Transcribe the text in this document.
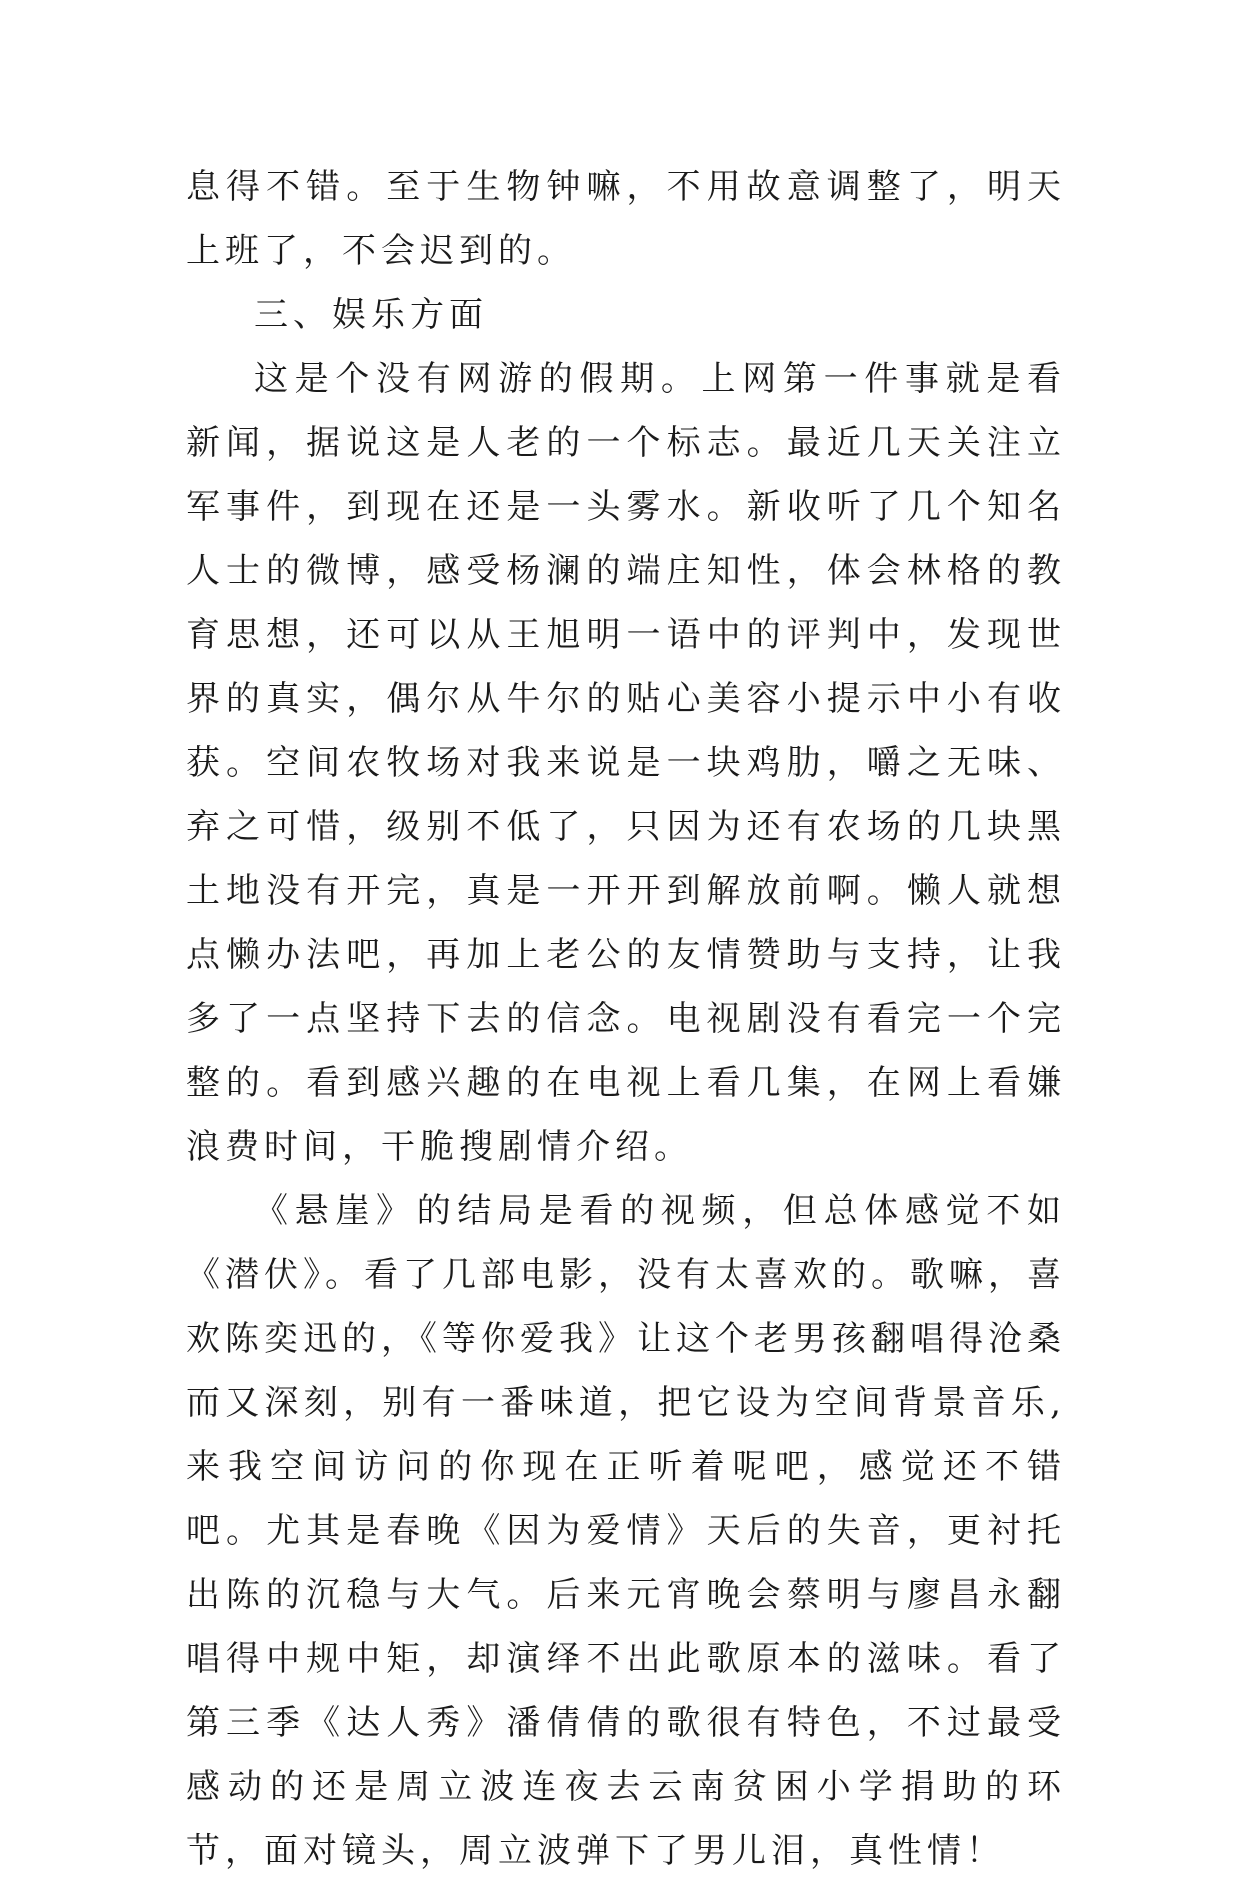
息得不错。至于生物钟嘛，不用故意调整了，明天上班了，不会迟到的。

三、娱乐方面

这是个没有网游的假期。上网第一件事就是看新闻，据说这是人老的一个标志。最近几天关注立军事件，到现在还是一头雾水。新收听了几个知名人士的微博，感受杨澜的端庄知性，体会林格的教育思想，还可以从王旭明一语中的评判中，发现世界的真实，偶尔从牛尔的贴心美容小提示中小有收获。空间农牧场对我来说是一块鸡肋，嚼之无味、弃之可惜，级别不低了，只因为还有农场的几块黑土地没有开完，真是一开开到解放前啊。懒人就想点懒办法吧，再加上老公的友情赞助与支持，让我多了一点坚持下去的信念。电视剧没有看完一个完整的。看到感兴趣的在电视上看几集，在网上看嫌浪费时间，干脆搜剧情介绍。

《悬崖》的结局是看的视频，但总体感觉不如《潜伏》。看了几部电影，没有太喜欢的。歌嘛，喜欢陈奕迅的，《等你爱我》让这个老男孩翻唱得沧桑而又深刻，别有一番味道，把它设为空间背景音乐,来我空间访问的你现在正听着呢吧，感觉还不错吧。尤其是春晚《因为爱情》天后的失音，更衬托出陈的沉稳与大气。后来元宵晚会蔡明与廖昌永翻唱得中规中矩，却演绎不出此歌原本的滋味。看了第三季《达人秀》潘倩倩的歌很有特色，不过最受感动的还是周立波连夜去云南贫困小学捐助的环节，面对镜头，周立波弹下了男儿泪，真性情！
